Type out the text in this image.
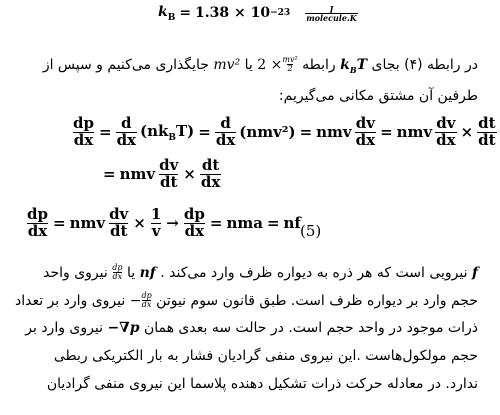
$k_B = 1.38 \times 10 -23 \frac{J}{\text{molecule.K}}$
در رابطه (۴) بجای $k_BT$ رابطه $2 \times \frac{\text{mv²}}{2}$
یا mv² جایگذاری می‌کنیم و سپس از
طرفین آن مشتق مکانی می‌گیریم:
$\frac{dp}{dx} = \frac{d}{dx} (nk_BT) = \frac{d}{dx} (nmv^2)$ = nmv $\frac{dv}{dx}$ = nmv $\frac{dv}{dx} \times \frac{dt}{dt}$
= nmv $\frac{dv}{dt} \times \frac{dt}{dx}$
$\frac{dp}{dx}$ = nmv $\frac{dv}{dt} \times \frac{1}{v} \to \frac{dp}{dx}$ = nma = nf (5)
f نیرویی است که هر ذره به دیواره ظرف وارد می‌کند . nf یا
$\frac{dp}{dx}$
نیروی واحد
حجم وارد بر دیواره ظرف است. طبق قانون سوم نیوتن − $\frac{dp}{dx}$
نیروی وارد بر تعداد
ذرات موجود در واحد حجم است. در حالت سه بعدی همان −∇p نیروی وارد بر
حجم مولکول‌هاست .این نیروی منفی گرادیان فشار به بار الکتریکی ربطی
ندارد. در معادله حرکت ذرات تشکیل دهنده پلاسما این نیروی منفی گرادیان
